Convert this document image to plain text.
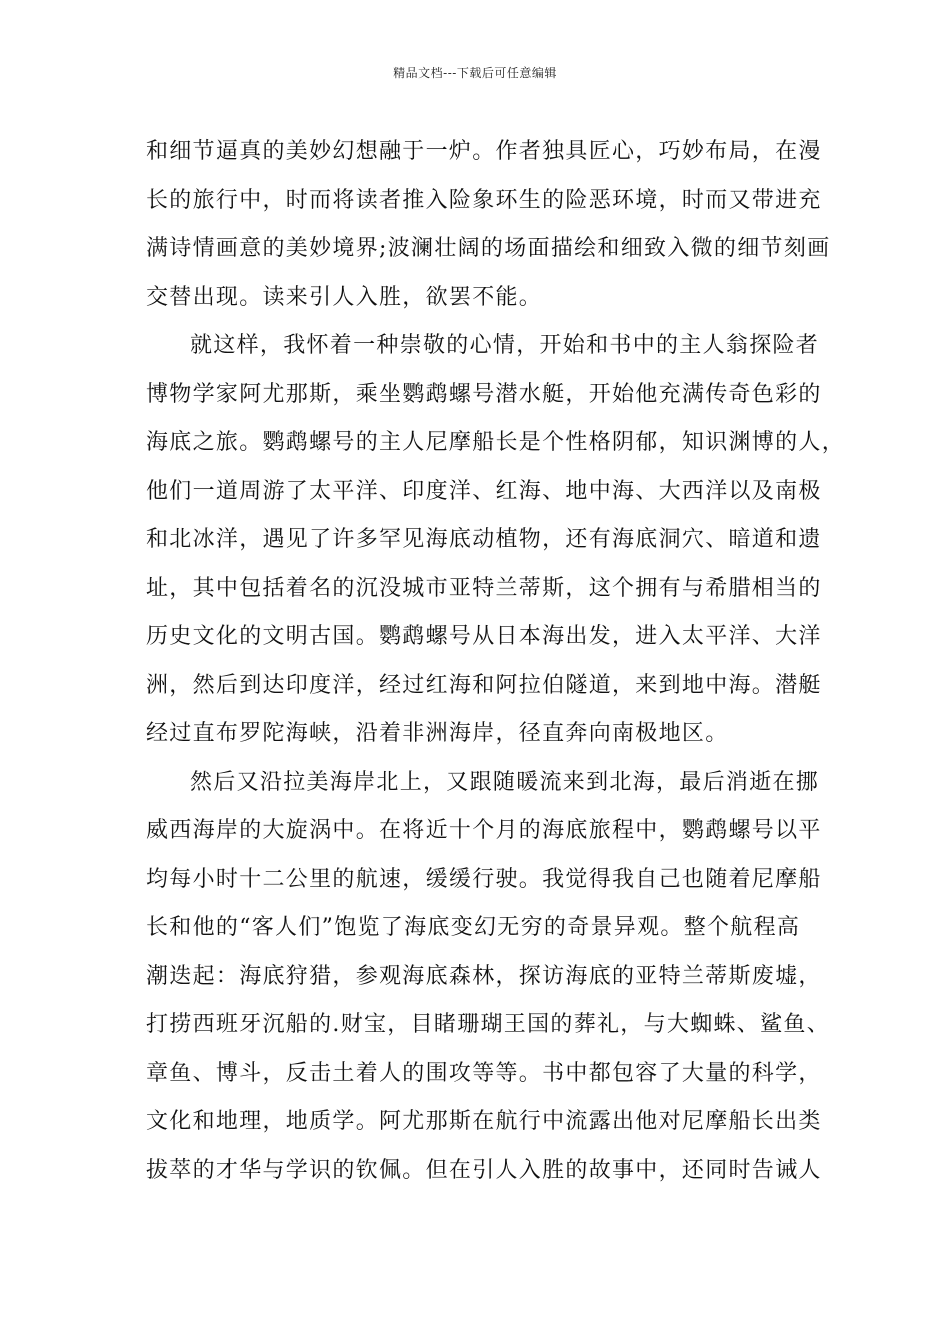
精品文档---下载后可任意编辑
和细节逼真的美妙幻想融于一炉。作者独具匠心，巧妙布局，在漫
长的旅行中，时而将读者推入险象环生的险恶环境，时而又带进充
满诗情画意的美妙境界;波澜壮阔的场面描绘和细致入微的细节刻画
交替出现。读来引人入胜，欲罢不能。
就这样，我怀着一种崇敬的心情，开始和书中的主人翁探险者
博物学家阿尤那斯，乘坐鹦鹉螺号潜水艇，开始他充满传奇色彩的
海底之旅。鹦鹉螺号的主人尼摩船长是个性格阴郁，知识渊博的人，
他们一道周游了太平洋、印度洋、红海、地中海、大西洋以及南极
和北冰洋，遇见了许多罕见海底动植物，还有海底洞穴、暗道和遗
址，其中包括着名的沉没城市亚特兰蒂斯，这个拥有与希腊相当的
历史文化的文明古国。鹦鹉螺号从日本海出发，进入太平洋、大洋
洲，然后到达印度洋，经过红海和阿拉伯隧道，来到地中海。潜艇
经过直布罗陀海峡，沿着非洲海岸，径直奔向南极地区。
然后又沿拉美海岸北上，又跟随暖流来到北海，最后消逝在挪
威西海岸的大旋涡中。在将近十个月的海底旅程中，鹦鹉螺号以平
均每小时十二公里的航速，缓缓行驶。我觉得我自己也随着尼摩船
长和他的“客人们”饱览了海底变幻无穷的奇景异观。整个航程高
潮迭起：海底狩猎，参观海底森林，探访海底的亚特兰蒂斯废墟，
打捞西班牙沉船的.财宝，目睹珊瑚王国的葬礼，与大蜘蛛、鲨鱼、
章鱼、博斗，反击土着人的围攻等等。书中都包容了大量的科学，
文化和地理，地质学。阿尤那斯在航行中流露出他对尼摩船长出类
拔萃的才华与学识的钦佩。但在引人入胜的故事中，还同时告诫人
